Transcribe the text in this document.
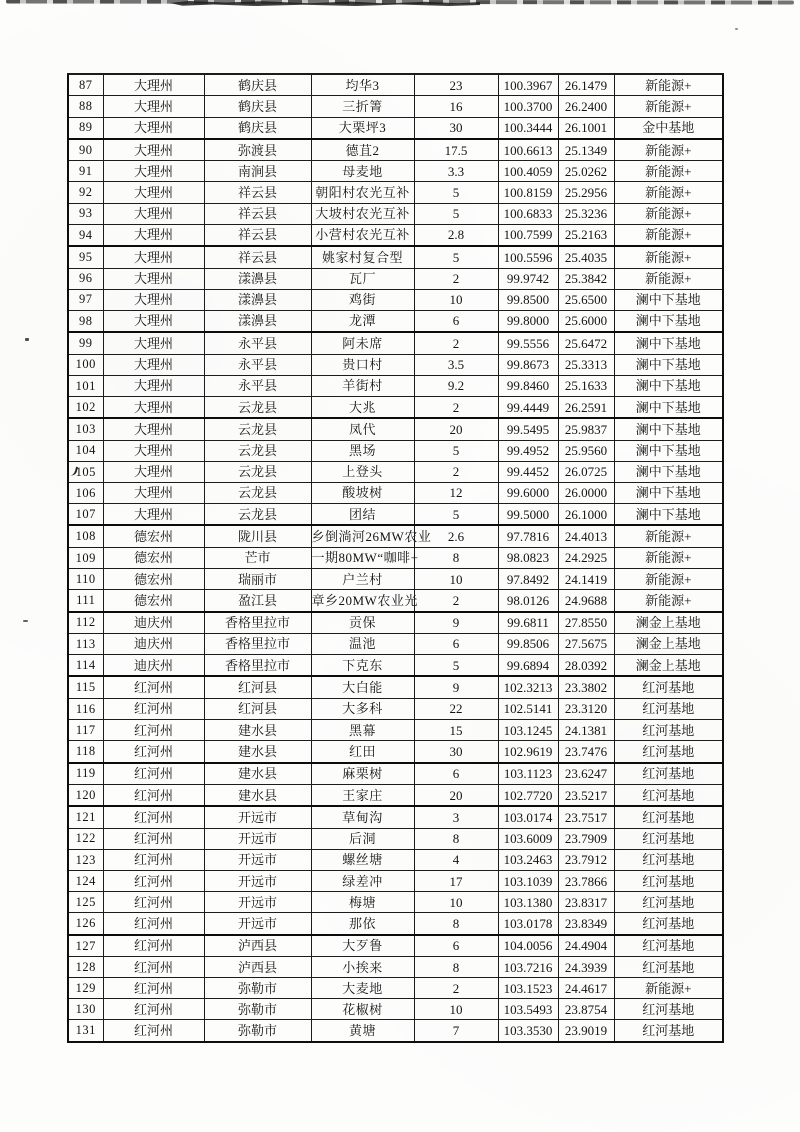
87	大理州	鹤庆县	均华3	23	100.3967	26.1479	新能源+
88	大理州	鹤庆县	三折箐	16	100.3700	26.2400	新能源+
89	大理州	鹤庆县	大栗坪3	30	100.3444	26.1001	金中基地
90	大理州	弥渡县	德苴2	17.5	100.6613	25.1349	新能源+
91	大理州	南涧县	母麦地	3.3	100.4059	25.0262	新能源+
92	大理州	祥云县	朝阳村农光互补	5	100.8159	25.2956	新能源+
93	大理州	祥云县	大坡村农光互补	5	100.6833	25.3236	新能源+
94	大理州	祥云县	小营村农光互补	2.8	100.7599	25.2163	新能源+
95	大理州	祥云县	姚家村复合型	5	100.5596	25.4035	新能源+
96	大理州	漾濞县	瓦厂	2	99.9742	25.3842	新能源+
97	大理州	漾濞县	鸡街	10	99.8500	25.6500	澜中下基地
98	大理州	漾濞县	龙潭	6	99.8000	25.6000	澜中下基地
99	大理州	永平县	阿未席	2	99.5556	25.6472	澜中下基地
100	大理州	永平县	贵口村	3.5	99.8673	25.3313	澜中下基地
101	大理州	永平县	羊街村	9.2	99.8460	25.1633	澜中下基地
102	大理州	云龙县	大兆	2	99.4449	26.2591	澜中下基地
103	大理州	云龙县	凤代	20	99.5495	25.9837	澜中下基地
104	大理州	云龙县	黑场	5	99.4952	25.9560	澜中下基地
105	大理州	云龙县	上登头	2	99.4452	26.0725	澜中下基地
106	大理州	云龙县	酸坡树	12	99.6000	26.0000	澜中下基地
107	大理州	云龙县	团结	5	99.5000	26.1000	澜中下基地
108	德宏州	陇川县	乡倒淌河26MW农业	2.6	97.7816	24.4013	新能源+
109	德宏州	芒市	一期80MW“咖啡+	8	98.0823	24.2925	新能源+
110	德宏州	瑞丽市	户兰村	10	97.8492	24.1419	新能源+
111	德宏州	盈江县	章乡20MW农业光	2	98.0126	24.9688	新能源+
112	迪庆州	香格里拉市	贡保	9	99.6811	27.8550	澜金上基地
113	迪庆州	香格里拉市	温池	6	99.8506	27.5675	澜金上基地
114	迪庆州	香格里拉市	下克东	5	99.6894	28.0392	澜金上基地
115	红河州	红河县	大白能	9	102.3213	23.3802	红河基地
116	红河州	红河县	大多科	22	102.5141	23.3120	红河基地
117	红河州	建水县	黑幕	15	103.1245	24.1381	红河基地
118	红河州	建水县	红田	30	102.9619	23.7476	红河基地
119	红河州	建水县	麻栗树	6	103.1123	23.6247	红河基地
120	红河州	建水县	王家庄	20	102.7720	23.5217	红河基地
121	红河州	开远市	草甸沟	3	103.0174	23.7517	红河基地
122	红河州	开远市	后洞	8	103.6009	23.7909	红河基地
123	红河州	开远市	螺丝塘	4	103.2463	23.7912	红河基地
124	红河州	开远市	绿差冲	17	103.1039	23.7866	红河基地
125	红河州	开远市	梅塘	10	103.1380	23.8317	红河基地
126	红河州	开远市	那依	8	103.0178	23.8349	红河基地
127	红河州	泸西县	大歹鲁	6	104.0056	24.4904	红河基地
128	红河州	泸西县	小挨来	8	103.7216	24.3939	红河基地
129	红河州	弥勒市	大麦地	2	103.1523	24.4617	新能源+
130	红河州	弥勒市	花椒树	10	103.5493	23.8754	红河基地
131	红河州	弥勒市	黄塘	7	103.3530	23.9019	红河基地
